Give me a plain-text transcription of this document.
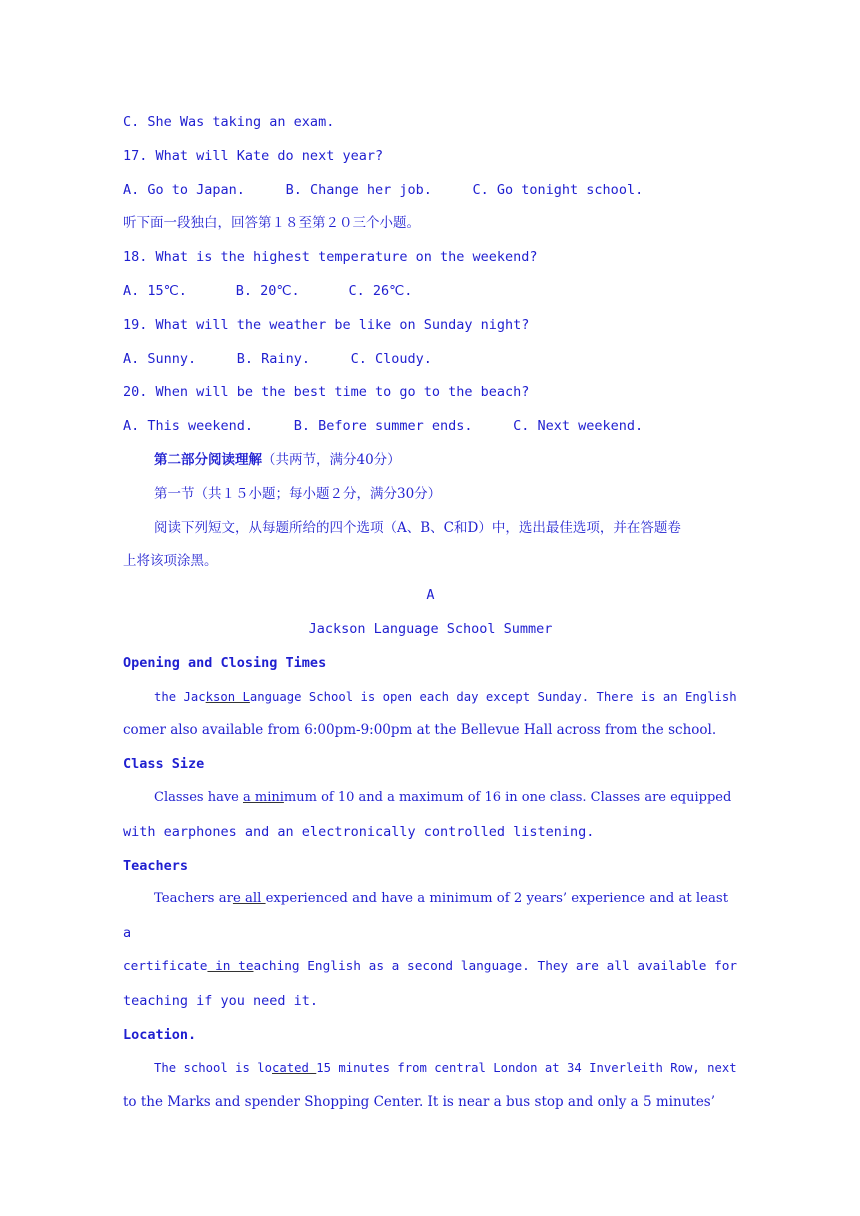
C. She Was taking an exam.
17. What will Kate do next year?
A. Go to Japan.	B. Change her job.	C. Go tonight school.
听下面一段独白，回答第１８至第２０三个小题。
18. What is the highest temperature on the weekend?
A. 15℃.	B. 20℃.	C. 26℃.
19. What will the weather be like on Sunday night?
A. Sunny.	B. Rainy.	C. Cloudy.
20. When will be the best time to go to the beach?
A. This weekend.	B. Before summer ends.	C. Next weekend.
第二部分阅读理解（共两节，满分40分）
第一节（共１５小题；每小题２分，满分30分）
阅读下列短文，从每题所给的四个选项（A、B、C和D）中，选出最佳选项，并在答题卷
上将该项涂黑。
A
Jackson Language School Summer
Opening and Closing Times
the Jackson Language School is open each day except Sunday. There is an English
comer also available from 6:00pm-9:00pm at the Bellevue Hall across from the school.
Class Size
Classes have a minimum of 10 and a maximum of 16 in one class. Classes are equipped
with earphones and an electronically controlled listening.
Teachers
Teachers are all experienced and have a minimum of 2 years’ experience and at least
a
certificate in teaching English as a second language. They are all available for
teaching if you need it.
Location.
The school is located 15 minutes from central London at 34 Inverleith Row, next
to the Marks and spender Shopping Center. It is near a bus stop and only a 5 minutes’
